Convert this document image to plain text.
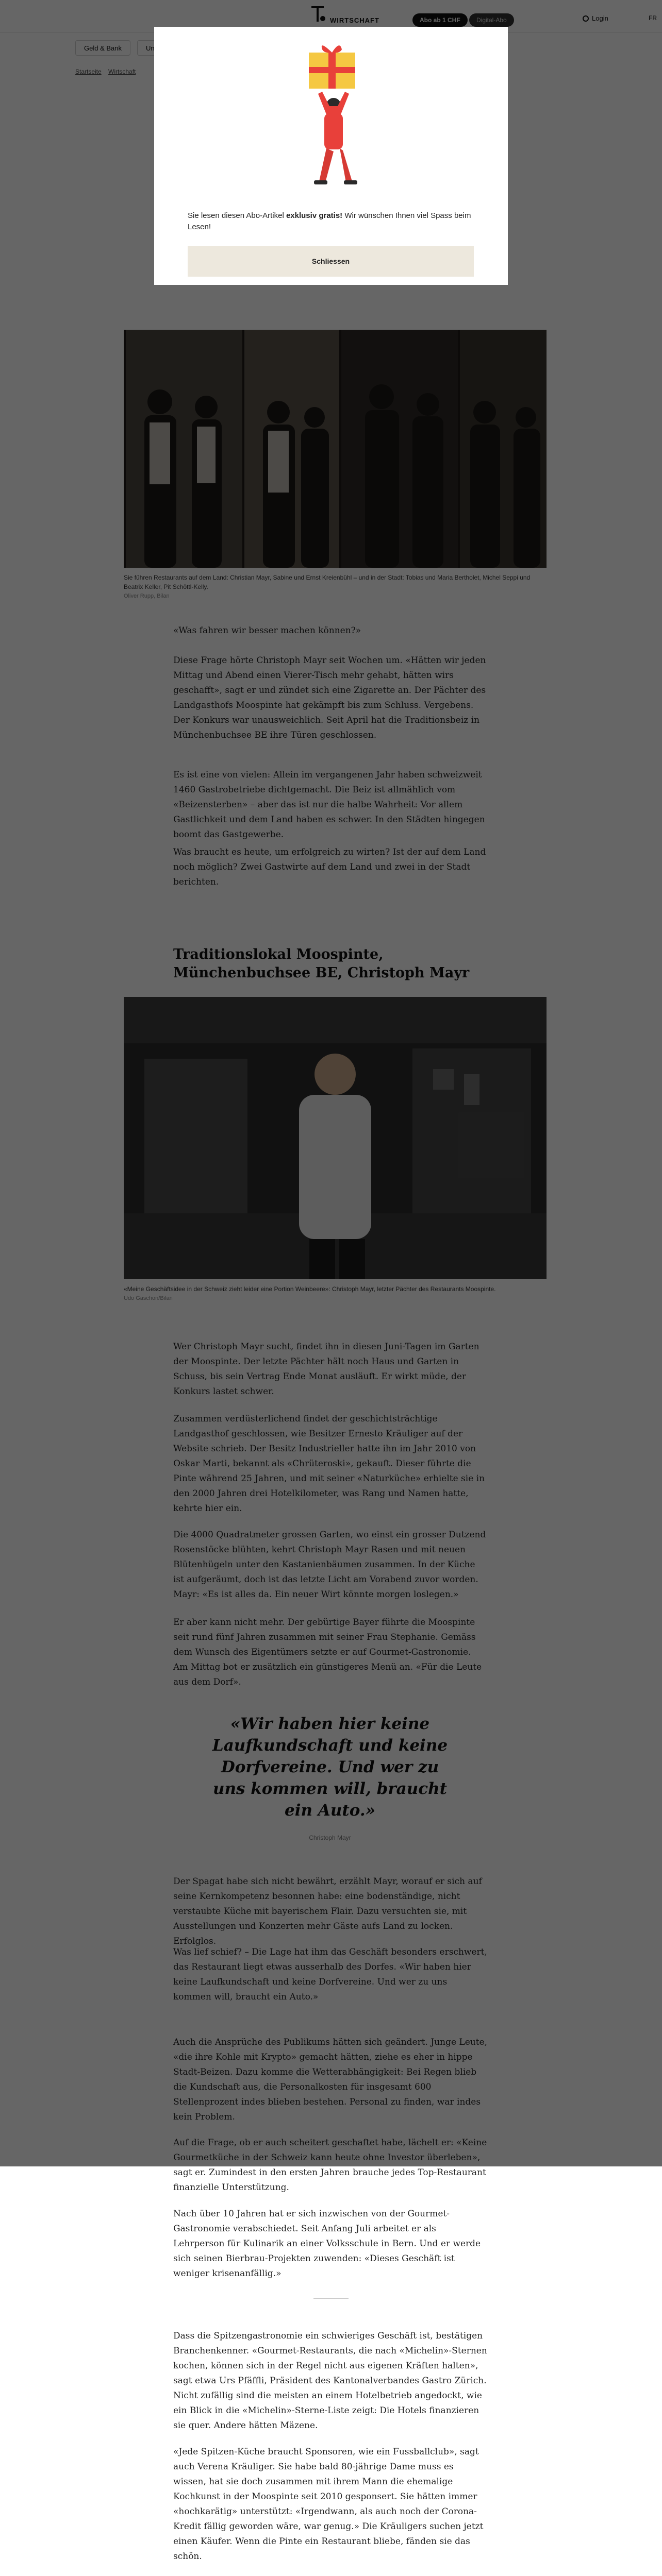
sagt er. Zumindest in den ersten Jahren brauche jedes Top-Restaurant finanzielle Unterstützung.

Nach über 10 Jahren hat er sich inzwischen von der Gourmet-Gastronomie verabschiedet. Seit Anfang Juli arbeitet er als Lehrperson für Kulinarik an einer Volksschule in Bern. Und er werde sich seinen Bierbrau-Projekten zuwenden: «Dieses Geschäft ist weniger krisenanfällig.»

Dass die Spitzengastronomie ein schwieriges Geschäft ist, bestätigen Branchenkenner. «Gourmet-Restaurants, die nach «Michelin»-Sternen kochen, können sich in der Regel nicht aus eigenen Kräften halten», sagt etwa Urs Pfäffli, Präsident des Kantonalverbandes Gastro Zürich. Nicht zufällig sind die meisten an einem Hotelbetrieb angedockt, wie ein Blick in die «Michelin»-Sterne-Liste zeigt: Die Hotels finanzieren sie quer. Andere hätten Mäzene.

«Jede Spitzen-Küche braucht Sponsoren, wie ein Fussballclub», sagt auch Verena Kräuliger. Sie habe bald 80-jährige Dame muss es wissen, hat sie doch zusammen mit ihrem Mann die ehemalige Kochkunst in der Moospinte seit 2010 gesponsert. Sie hätten immer «hochkarätig» unterstützt: «Irgendwann, als auch noch der Corona-Kredit fällig geworden wäre, war genug.» Die Kräuligers suchen jetzt einen Käufer. Wenn die Pinte ein Restaurant bliebe, fänden sie das schön.

Sie lesen diesen Abo-Artikel exklusiv gratis! Wir wünschen Ihnen viel Spass beim Lesen!
Schliessen
